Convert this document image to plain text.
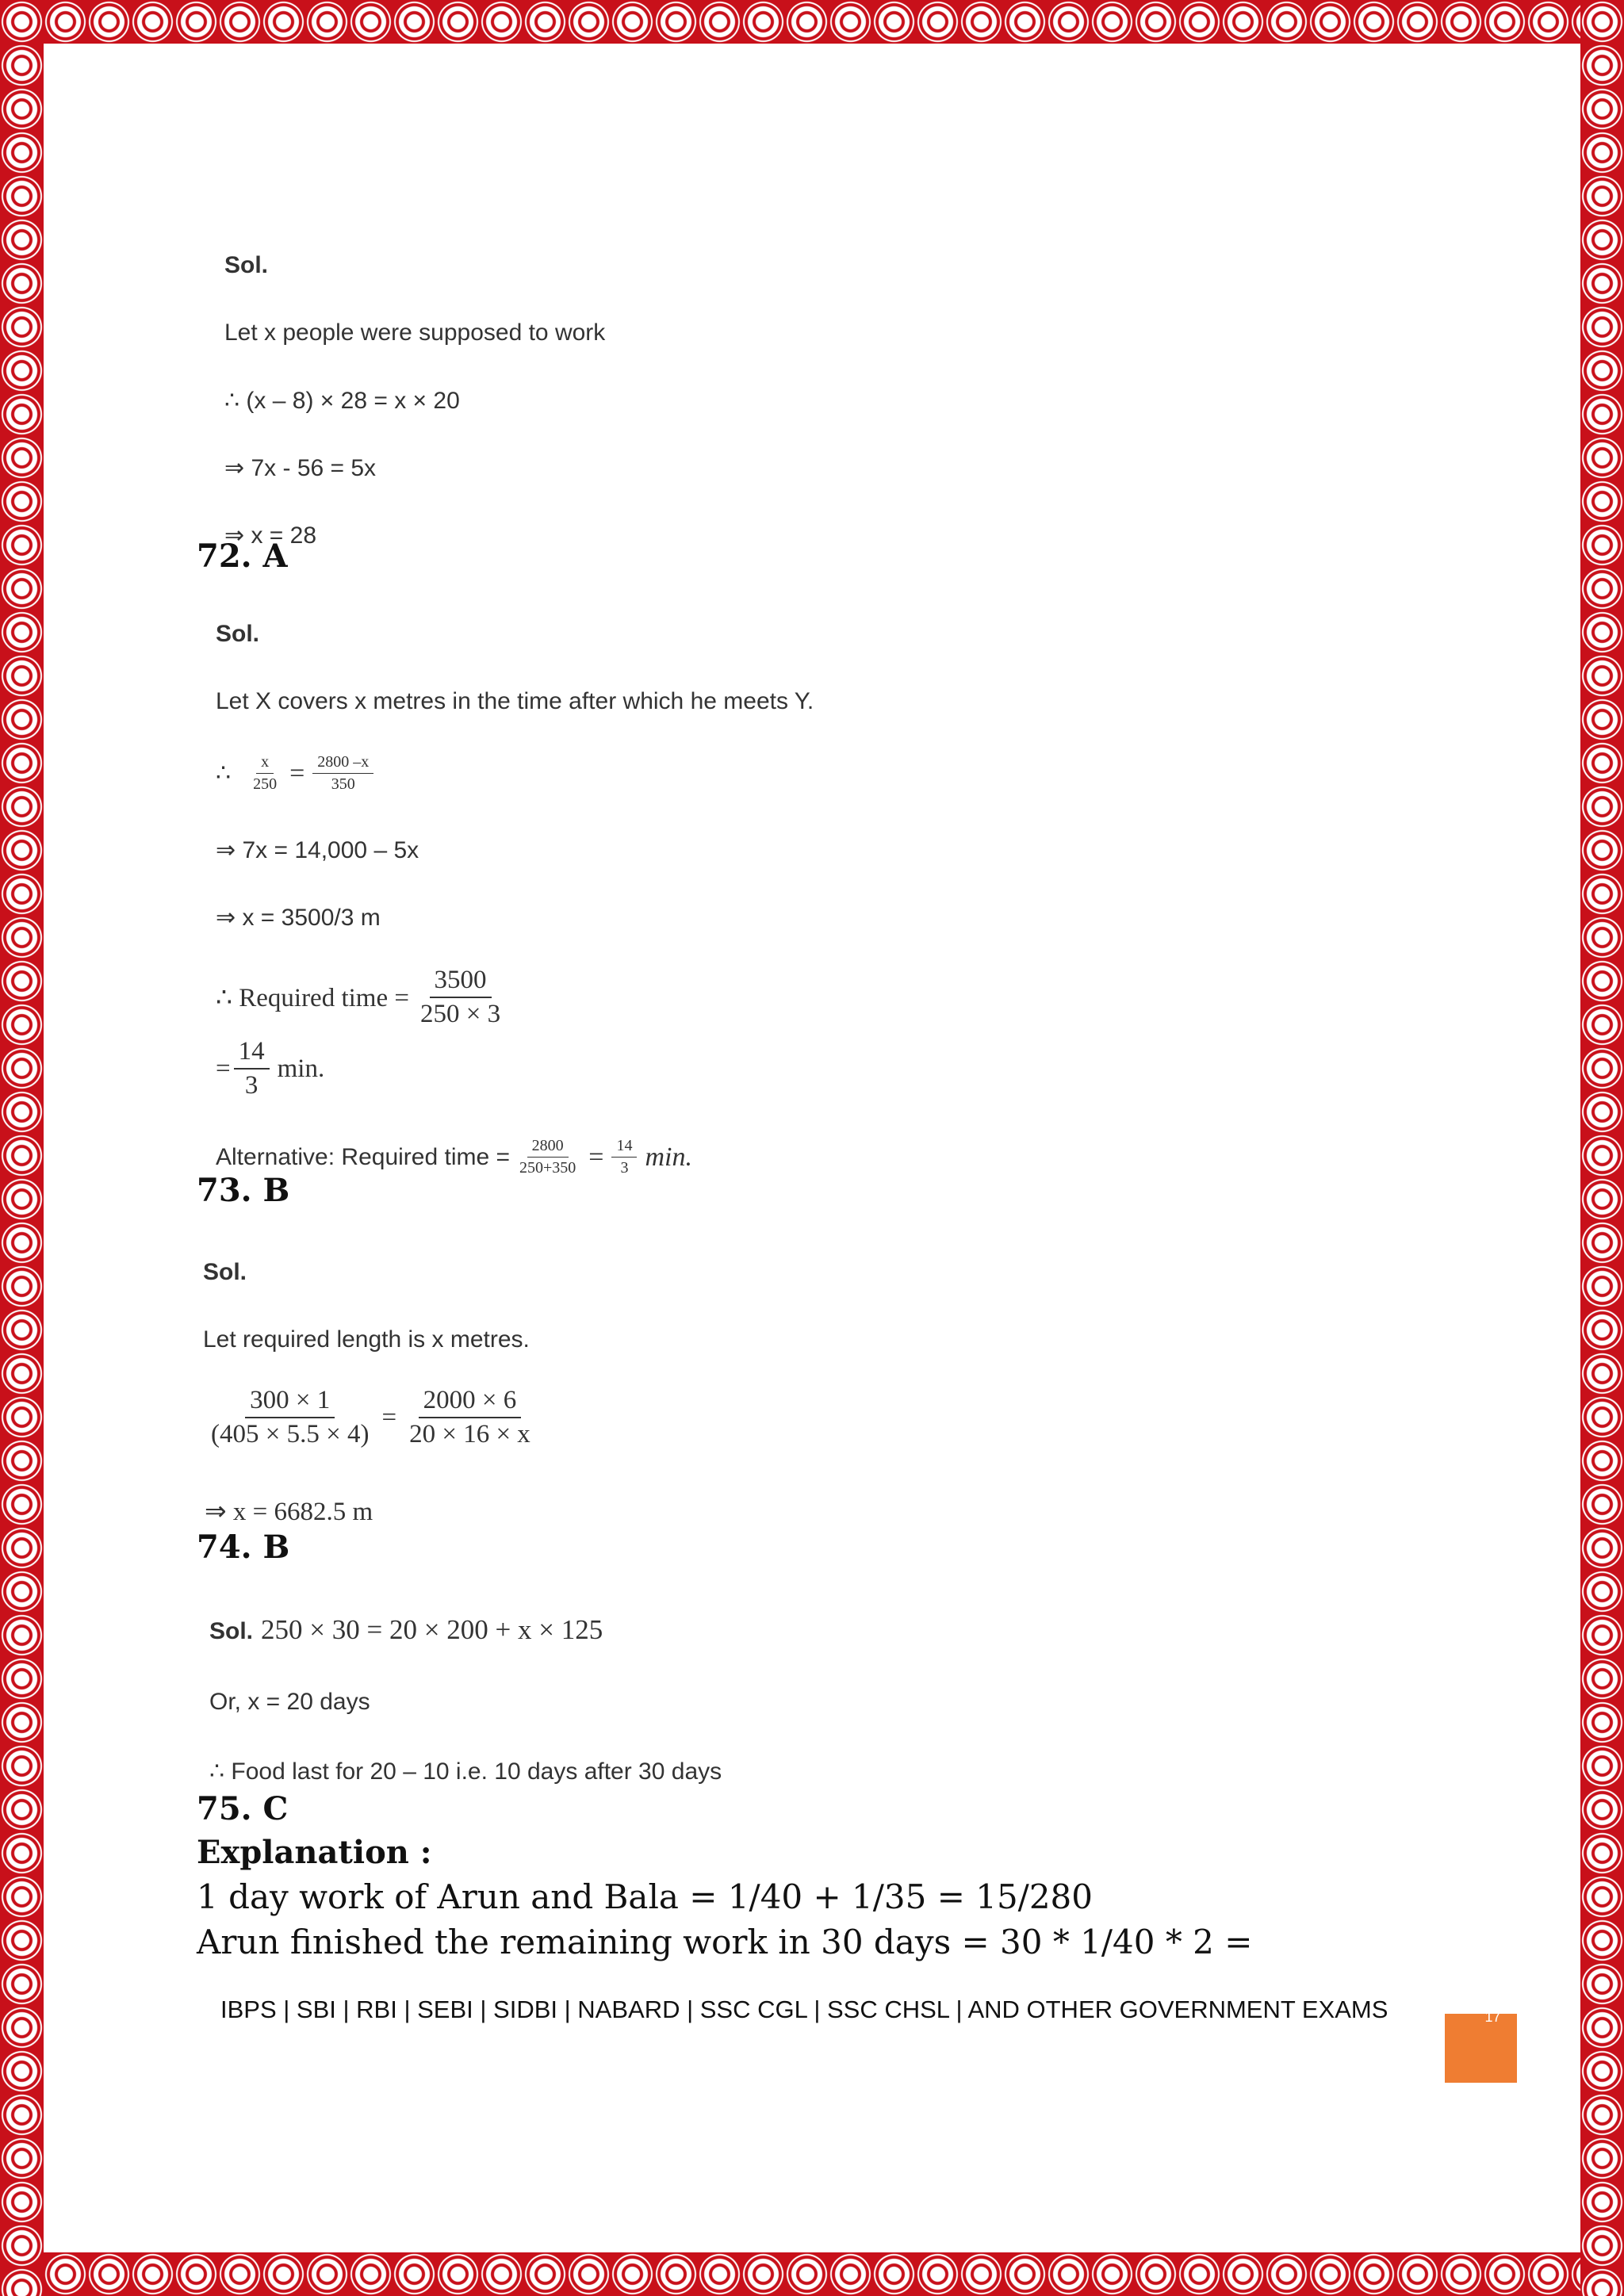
Sol.
Let x people were supposed to work
∴ (x – 8) × 28 = x × 20
⇒ 7x - 56 = 5x
⇒ x = 28
72. A
Sol.
Let X covers x metres in the time after which he meets Y.
∴ $\frac{x}{250} = \frac{2800 -x}{350}$
⇒ 7x = 14,000 – 5x
⇒ x = 3500/3 m
∴ Required time = $\frac{3500}{250 \times 3}$
= $\frac{14}{3} \min$.
Alternative: Required time = $\frac{2800}{250+350} = \frac{14}{3} \min$.
73. B
Sol.
Let required length is x metres.
$\frac{300 \times 1}{(405 \times 5.5 \times 4)} = \frac{2000 \times 6}{20 \times 16 \times x}$
⇒ x = 6682.5 m
74. B
Sol. 250 × 30 = 20 × 200 + x × 125
Or, x = 20 days
∴ Food last for 20 – 10 i.e. 10 days after 30 days
75. C
Explanation :
1 day work of Arun and Bala = 1/40 + 1/35 = 15/280
Arun finished the remaining work in 30 days = 30 * 1/40 * 2 =
IBPS | SBI | RBI | SEBI | SIDBI | NABARD | SSC CGL | SSC CHSL | AND OTHER GOVERNMENT EXAMS	17
